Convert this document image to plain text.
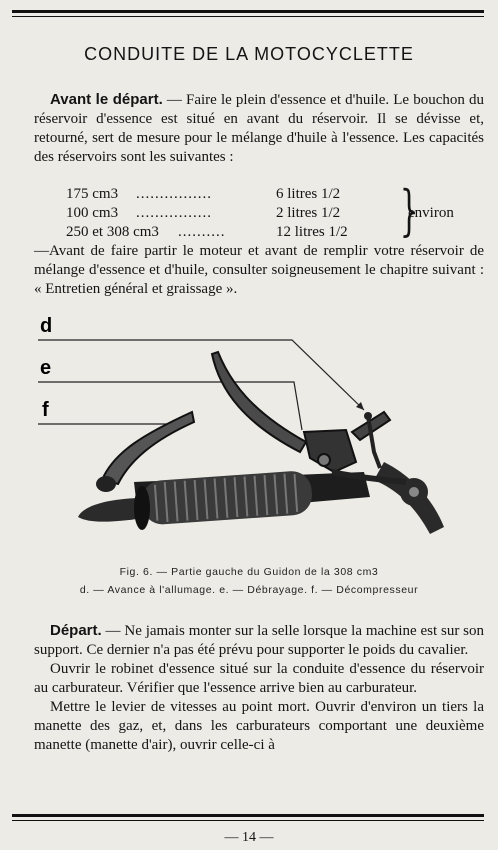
CONDUITE DE LA MOTOCYCLETTE

Avant le départ. — Faire le plein d'essence et d'huile. Le bouchon du réservoir d'essence est situé en avant du réservoir. Il se dévisse et, retourné, sert de mesure pour le mélange d'huile à l'essence. Les capacités des réservoirs sont les suivantes :

175 cm3 ................	6 litres 1/2
100 cm3 ................	2 litres 1/2
250 et 308 cm3 ..........	12 litres 1/2 }
environ

—Avant de faire partir le moteur et avant de remplir votre réservoir de mélange d'essence et d'huile, consulter soigneusement le chapitre suivant : « Entretien général et graissage ».

d
e
f
Fig. 6. — Partie gauche du Guidon de la 308 cm3
d. — Avance à l'allumage. e. — Débrayage. f. — Décompresseur

Départ. — Ne jamais monter sur la selle lorsque la machine est sur son support. Ce dernier n'a pas été prévu pour supporter le poids du cavalier.

Ouvrir le robinet d'essence situé sur la conduite d'essence du réservoir au carburateur. Vérifier que l'essence arrive bien au carburateur.

Mettre le levier de vitesses au point mort. Ouvrir d'environ un tiers la manette des gaz, et, dans les carburateurs comportant une deuxième manette (manette d'air), ouvrir celle-ci à

— 14 —
